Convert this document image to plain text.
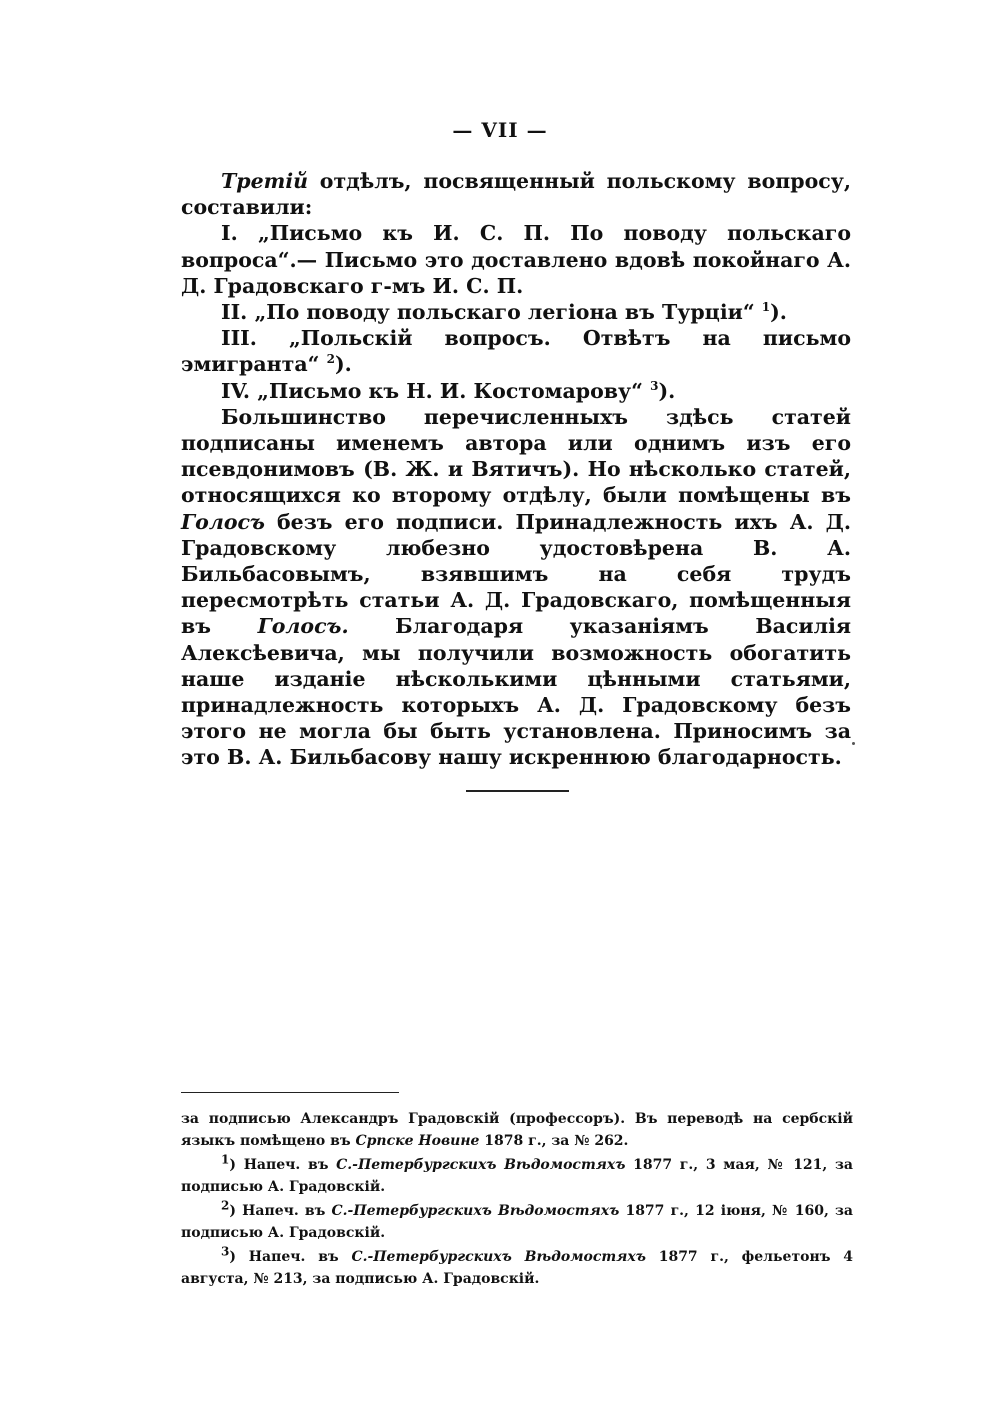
— VII —

Третій отдѣлъ, посвященный польскому вопросу, составили:

I. „Письмо къ И. С. П. По поводу польскаго вопроса“.— Письмо это доставлено вдовѣ покойнаго А. Д. Градовскаго г-мъ И. С. П.

II. „По поводу польскаго легіона въ Турціи“ $^1$).

III. „Польскій вопросъ. Отвѣтъ на письмо эмигранта“ $^2$).

IV. „Письмо къ Н. И. Костомарову“ $^3$).

Большинство перечисленныхъ здѣсь статей подписаны именемъ автора или однимъ изъ его псевдонимовъ (В. Ж. и Вятичъ). Но нѣсколько статей, относящихся ко второму отдѣлу, были помѣщены въ Голосъ безъ его подписи. Принадлежность ихъ А. Д. Градовскому любезно удостовѣрена В. А. Бильбасовымъ, взявшимъ на себя трудъ пересмотрѣть статьи А. Д. Градовскаго, помѣщенныя въ Голосъ. Благодаря указаніямъ Василія Алексѣевича, мы получили возможность обогатить наше изданіе нѣсколькими цѣнными статьями, принадлежность которыхъ А. Д. Градовскому безъ этого не могла бы быть установлена. Приносимъ за это В. А. Бильбасову нашу искреннюю благодарность.

за подписью Александръ Градовскій (профессоръ). Въ переводѣ на сербскій языкъ помѣщено въ Српске Новине 1878 г., за № 262.

$^1$) Напеч. въ С.-Петербургскихъ Вѣдомостяхъ 1877 г., 3 мая, № 121, за подписью А. Градовскій.

$^2$) Напеч. въ С.-Петербургскихъ Вѣдомостяхъ 1877 г., 12 іюня, № 160, за подписью А. Градовскій.

$^3$) Напеч. въ С.-Петербургскихъ Вѣдомостяхъ 1877 г., фельетонъ 4 августа, № 213, за подписью А. Градовскій.
